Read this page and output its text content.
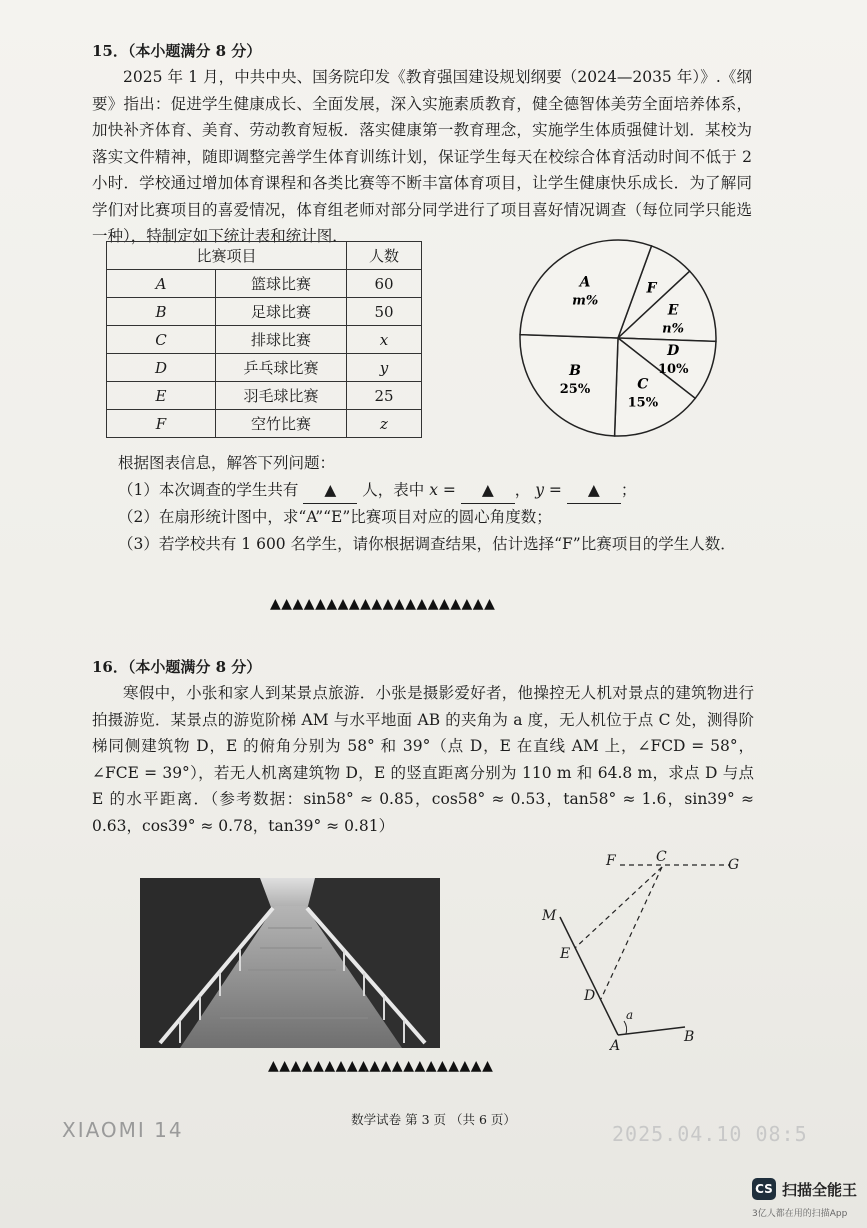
15．（本小题满分 8 分）

2025 年 1 月，中共中央、国务院印发《教育强国建设规划纲要（2024—2035 年）》.《纲要》指出：促进学生健康成长、全面发展，深入实施素质教育，健全德智体美劳全面培养体系，加快补齐体育、美育、劳动教育短板．落实健康第一教育理念，实施学生体质强健计划．某校为落实文件精神，随即调整完善学生体育训练计划，保证学生每天在校综合体育活动时间不低于 2 小时．学校通过增加体育课程和各类比赛等不断丰富体育项目，让学生健康快乐成长．为了解同学们对比赛项目的喜爱情况，体育组老师对部分同学进行了项目喜好情况调查（每位同学只能选一种），特制定如下统计表和统计图．

比赛项目		人数
A	篮球比赛	60
B	足球比赛	50
C	排球比赛	x
D	乒乓球比赛	y
E	羽毛球比赛	25
F	空竹比赛	z
F
E
n%
D
10%
C
15%
B
25%
A
m%

根据图表信息，解答下列问题：

（1）本次调查的学生共有 ▲ 人，表中 x = ▲ ， y = ▲ ；

（2）在扇形统计图中，求“A”“E”比赛项目对应的圆心角度数；

（3）若学校共有 1 600 名学生，请你根据调查结果，估计选择“F”比赛项目的学生人数．

▲▲▲▲▲▲▲▲▲▲▲▲▲▲▲▲▲▲▲▲
16．（本小题满分 8 分）

寒假中，小张和家人到某景点旅游．小张是摄影爱好者，他操控无人机对景点的建筑物进行拍摄游览．某景点的游览阶梯 AM 与水平地面 AB 的夹角为 a 度，无人机位于点 C 处，测得阶梯同侧建筑物 D，E 的俯角分别为 58° 和 39°（点 D，E 在直线 AM 上，∠FCD = 58°，∠FCE = 39°），若无人机离建筑物 D，E 的竖直距离分别为 110 m 和 64.8 m，求点 D 与点 E 的水平距离．（参考数据：sin58° ≈ 0.85，cos58° ≈ 0.53，tan58° ≈ 1.6，sin39° ≈ 0.63，cos39° ≈ 0.78，tan39° ≈ 0.81）

F	C	G
M
E
D
A
B
a
▲▲▲▲▲▲▲▲▲▲▲▲▲▲▲▲▲▲▲▲
数学试卷 第 3 页 （共 6 页）
XIAOMI 14	2025.04.10 08:5
CS 扫描全能王
3亿人都在用的扫描App
